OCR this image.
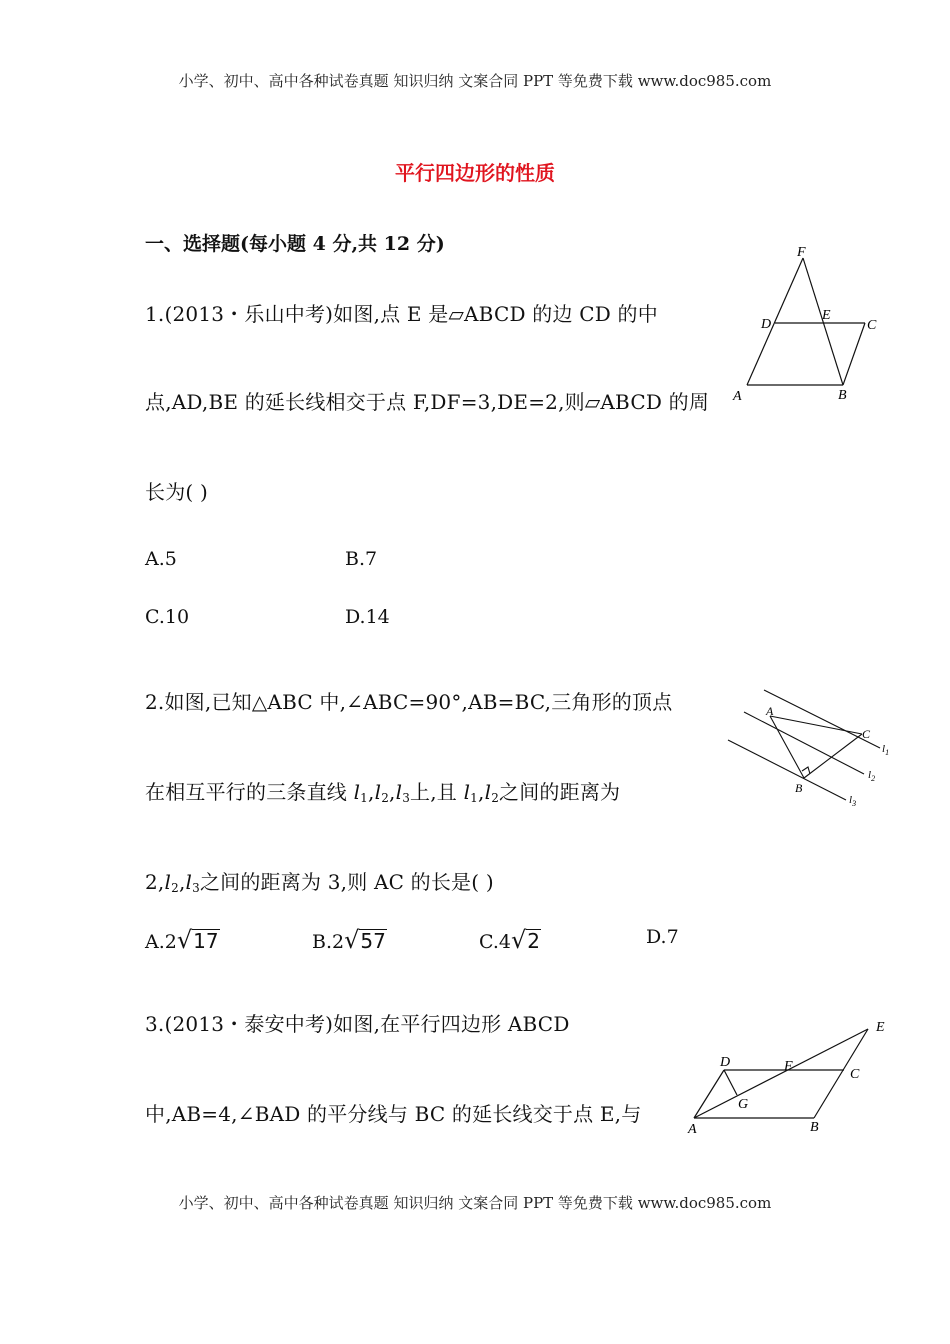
小学、初中、高中各种试卷真题 知识归纳 文案合同 PPT 等免费下载 www.doc985.com
小学、初中、高中各种试卷真题 知识归纳 文案合同 PPT 等免费下载 www.doc985.com
平行四边形的性质
一、选择题(每小题 4 分,共 12 分)
1.(2013・乐山中考)如图,点 E 是▱ABCD 的边 CD 的中
点,AD,BE 的延长线相交于点 F,DF=3,DE=2,则▱ABCD 的周
长为( )
A.5	B.7
C.10	D.14
F
D
E
C
A	B
2.如图,已知△ABC 中,∠ABC=90°,AB=BC,三角形的顶点
在相互平行的三条直线 $l_1,l_2,l_3$上,且 $l_1,l_2$之间的距离为
$2,l_2,l_3$之间的距离为 3,则 AC 的长是( )
A.2√17	B.2√57	C.4√2	D.7
A
C
B
$l_1$
$l_2$
$l_3$
3.(2013・泰安中考)如图,在平行四边形 ABCD
中,AB=4,∠BAD 的平分线与 BC 的延长线交于点 E,与
D	F
C
E
G
A	B
